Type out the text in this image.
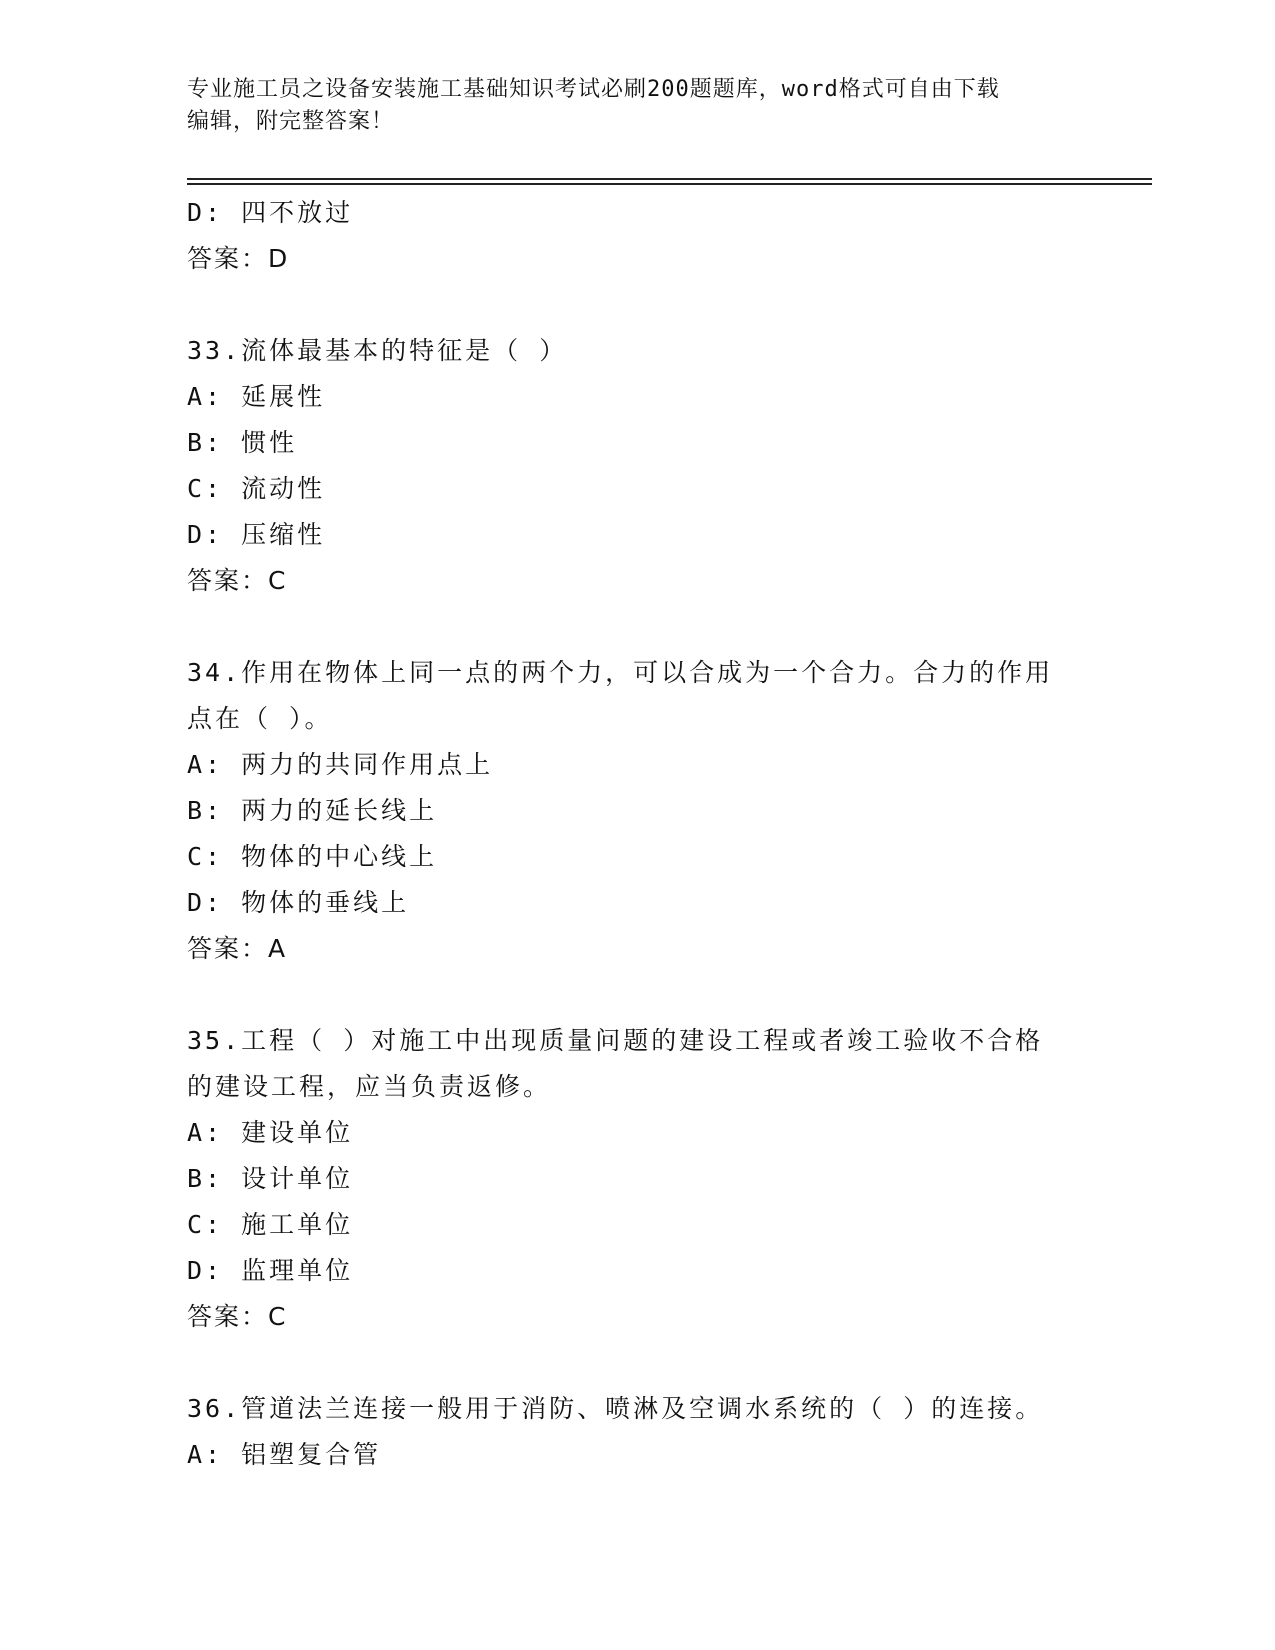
专业施工员之设备安装施工基础知识考试必刷200题题库，word格式可自由下载
编辑，附完整答案！
D: 四不放过
答案：D
33.流体最基本的特征是（ ）
A: 延展性
B: 惯性
C: 流动性
D: 压缩性
答案：C
34.作用在物体上同一点的两个力，可以合成为一个合力。合力的作用
点在（ ）。
A: 两力的共同作用点上
B: 两力的延长线上
C: 物体的中心线上
D: 物体的垂线上
答案：A
35.工程（ ）对施工中出现质量问题的建设工程或者竣工验收不合格
的建设工程，应当负责返修。
A: 建设单位
B: 设计单位
C: 施工单位
D: 监理单位
答案：C
36.管道法兰连接一般用于消防、喷淋及空调水系统的（ ）的连接。
A: 铝塑复合管
